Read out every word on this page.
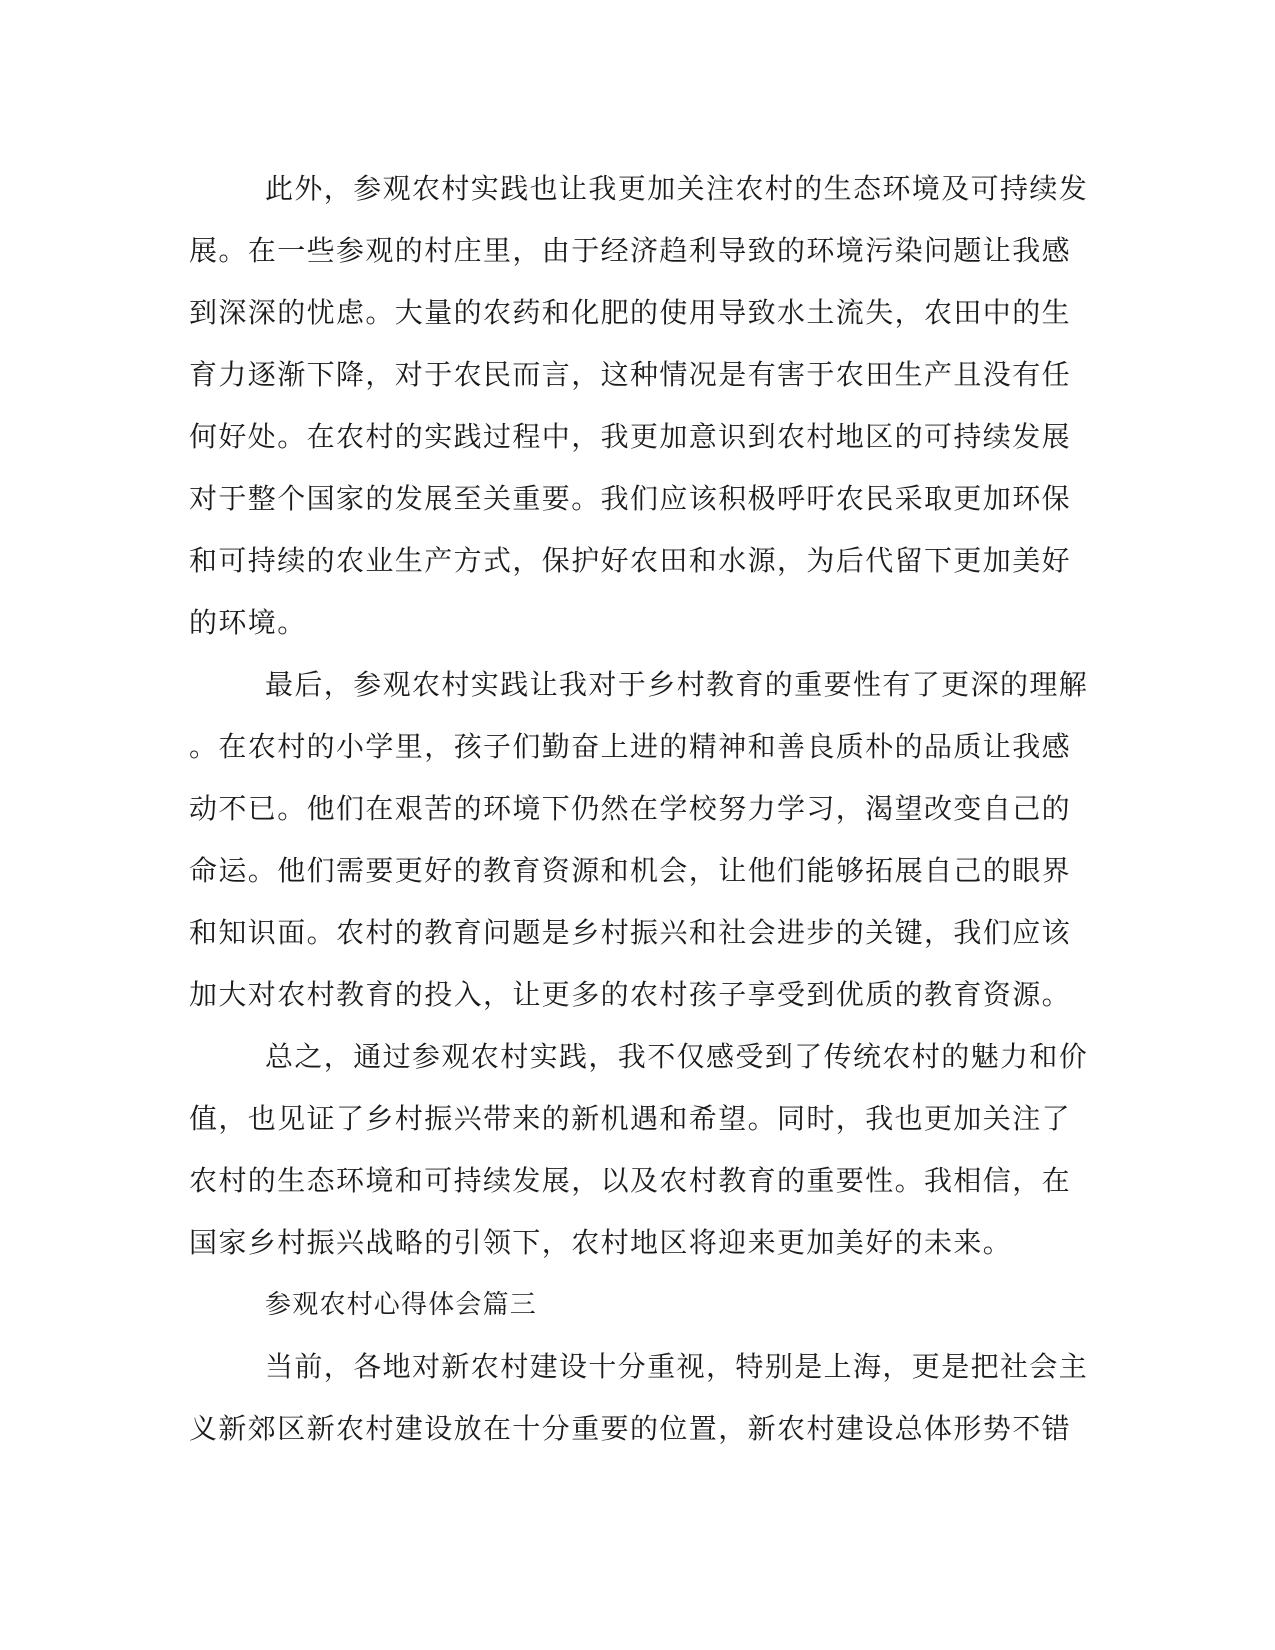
此外，参观农村实践也让我更加关注农村的生态环境及可持续发
展。在一些参观的村庄里，由于经济趋利导致的环境污染问题让我感
到深深的忧虑。大量的农药和化肥的使用导致水土流失，农田中的生
育力逐渐下降，对于农民而言，这种情况是有害于农田生产且没有任
何好处。在农村的实践过程中，我更加意识到农村地区的可持续发展
对于整个国家的发展至关重要。我们应该积极呼吁农民采取更加环保
和可持续的农业生产方式，保护好农田和水源，为后代留下更加美好
的环境。
最后，参观农村实践让我对于乡村教育的重要性有了更深的理解
。在农村的小学里，孩子们勤奋上进的精神和善良质朴的品质让我感
动不已。他们在艰苦的环境下仍然在学校努力学习，渴望改变自己的
命运。他们需要更好的教育资源和机会，让他们能够拓展自己的眼界
和知识面。农村的教育问题是乡村振兴和社会进步的关键，我们应该
加大对农村教育的投入，让更多的农村孩子享受到优质的教育资源。
总之，通过参观农村实践，我不仅感受到了传统农村的魅力和价
值，也见证了乡村振兴带来的新机遇和希望。同时，我也更加关注了
农村的生态环境和可持续发展，以及农村教育的重要性。我相信，在
国家乡村振兴战略的引领下，农村地区将迎来更加美好的未来。
参观农村心得体会篇三
当前，各地对新农村建设十分重视，特别是上海，更是把社会主
义新郊区新农村建设放在十分重要的位置，新农村建设总体形势不错
